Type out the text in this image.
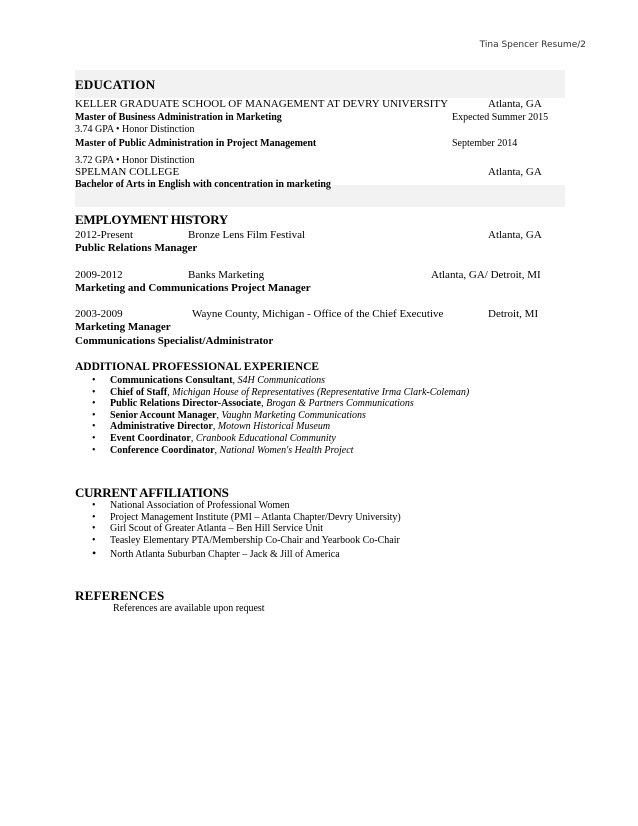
Tina Spencer Resume/2
EDUCATION
KELLER GRADUATE SCHOOL OF MANAGEMENT AT DEVRY UNIVERSITY	Atlanta, GA
Master of Business Administration in Marketing	Expected Summer 2015
3.74 GPA • Honor Distinction
Master of Public Administration in Project Management	September 2014
3.72 GPA • Honor Distinction
SPELMAN COLLEGE	Atlanta, GA
Bachelor of Arts in English with concentration in marketing
EMPLOYMENT HISTORY
2012-Present	Bronze Lens Film Festival	Atlanta, GA
Public Relations Manager
2009-2012	Banks Marketing	Atlanta, GA/ Detroit, MI
Marketing and Communications Project Manager
2003-2009	Wayne County, Michigan - Office of the Chief Executive	Detroit, MI
Marketing Manager
Communications Specialist/Administrator
ADDITIONAL PROFESSIONAL EXPERIENCE
• Communications Consultant, S4H Communications
• Chief of Staff, Michigan House of Representatives (Representative Irma Clark-Coleman)
• Public Relations Director-Associate, Brogan & Partners Communications
• Senior Account Manager, Vaughn Marketing Communications
• Administrative Director, Motown Historical Museum
• Event Coordinator, Cranbook Educational Community
• Conference Coordinator, National Women's Health Project
CURRENT AFFILIATIONS
• National Association of Professional Women
• Project Management Institute (PMI – Atlanta Chapter/Devry University)
• Girl Scout of Greater Atlanta – Ben Hill Service Unit
• Teasley Elementary PTA/Membership Co-Chair and Yearbook Co-Chair
• North Atlanta Suburban Chapter – Jack & Jill of America
REFERENCES
References are available upon request
